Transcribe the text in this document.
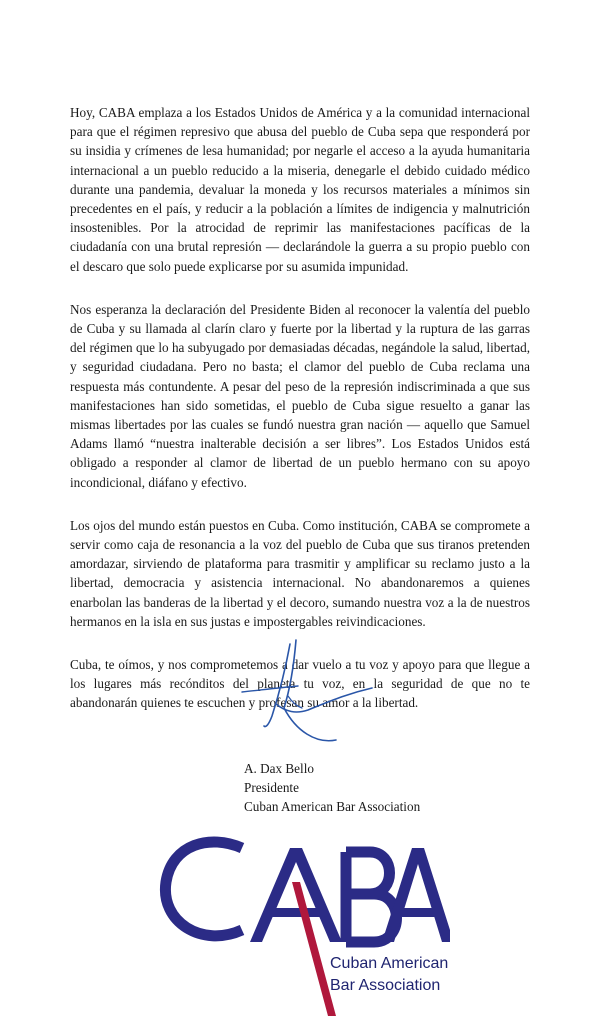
Hoy, CABA emplaza a los Estados Unidos de América y a la comunidad internacional para que el régimen represivo que abusa del pueblo de Cuba sepa que responderá por su insidia y crímenes de lesa humanidad; por negarle el acceso a la ayuda humanitaria internacional a un pueblo reducido a la miseria, denegarle el debido cuidado médico durante una pandemia, devaluar la moneda y los recursos materiales a mínimos sin precedentes en el país, y reducir a la población a límites de indigencia y malnutrición insostenibles. Por la atrocidad de reprimir las manifestaciones pacíficas de la ciudadanía con una brutal represión — declarándole la guerra a su propio pueblo con el descaro que solo puede explicarse por su asumida impunidad.

Nos esperanza la declaración del Presidente Biden al reconocer la valentía del pueblo de Cuba y su llamada al clarín claro y fuerte por la libertad y la ruptura de las garras del régimen que lo ha subyugado por demasiadas décadas, negándole la salud, libertad, y seguridad ciudadana. Pero no basta; el clamor del pueblo de Cuba reclama una respuesta más contundente. A pesar del peso de la represión indiscriminada a que sus manifestaciones han sido sometidas, el pueblo de Cuba sigue resuelto a ganar las mismas libertades por las cuales se fundó nuestra gran nación — aquello que Samuel Adams llamó “nuestra inalterable decisión a ser libres”. Los Estados Unidos está obligado a responder al clamor de libertad de un pueblo hermano con su apoyo incondicional, diáfano y efectivo.

Los ojos del mundo están puestos en Cuba. Como institución, CABA se compromete a servir como caja de resonancia a la voz del pueblo de Cuba que sus tiranos pretenden amordazar, sirviendo de plataforma para trasmitir y amplificar su reclamo justo a la libertad, democracia y asistencia internacional. No abandonaremos a quienes enarbolan las banderas de la libertad y el decoro, sumando nuestra voz a la de nuestros hermanos en la isla en sus justas e impostergables reivindicaciones.

Cuba, te oímos, y nos comprometemos a dar vuelo a tu voz y apoyo para que llegue a los lugares más recónditos del planeta tu voz, en la seguridad de que no te abandonarán quienes te escuchen y profesan su amor a la libertad.

A. Dax Bello
Presidente
Cuban American Bar Association
Cuban American
Bar Association
